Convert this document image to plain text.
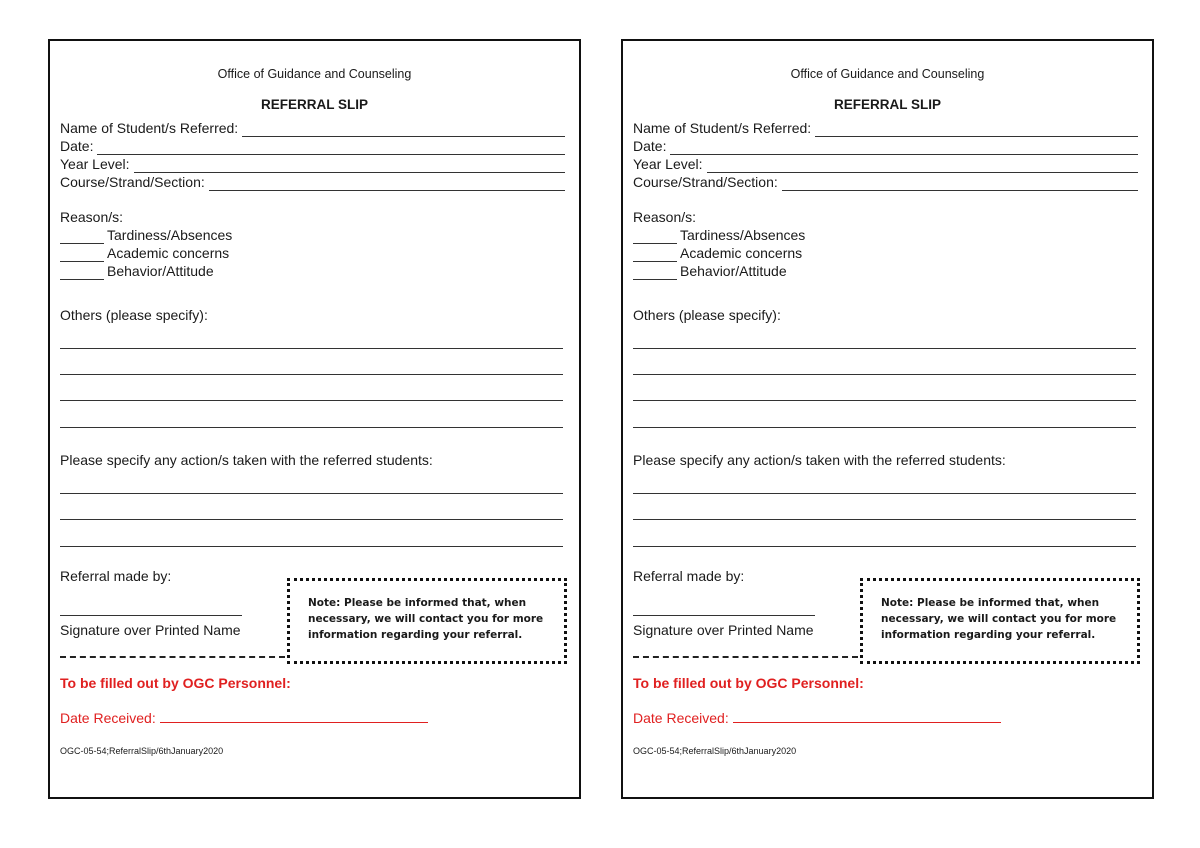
Office of Guidance and Counseling
REFERRAL SLIP
Name of Student/s Referred:
Date:
Year Level:
Course/Strand/Section:
Reason/s:
Tardiness/Absences
Academic concerns
Behavior/Attitude
Others (please specify):
Please specify any action/s taken with the referred students:
Referral made by:
Signature over Printed Name
Note: Please be informed that, when necessary, we will contact you for more information regarding your referral.
To be filled out by OGC Personnel:
Date Received:
OGC-05-54;ReferralSlip/6thJanuary2020
Office of Guidance and Counseling
REFERRAL SLIP
Name of Student/s Referred:
Date:
Year Level:
Course/Strand/Section:
Reason/s:
Tardiness/Absences
Academic concerns
Behavior/Attitude
Others (please specify):
Please specify any action/s taken with the referred students:
Referral made by:
Signature over Printed Name
Note: Please be informed that, when necessary, we will contact you for more information regarding your referral.
To be filled out by OGC Personnel:
Date Received:
OGC-05-54;ReferralSlip/6thJanuary2020
